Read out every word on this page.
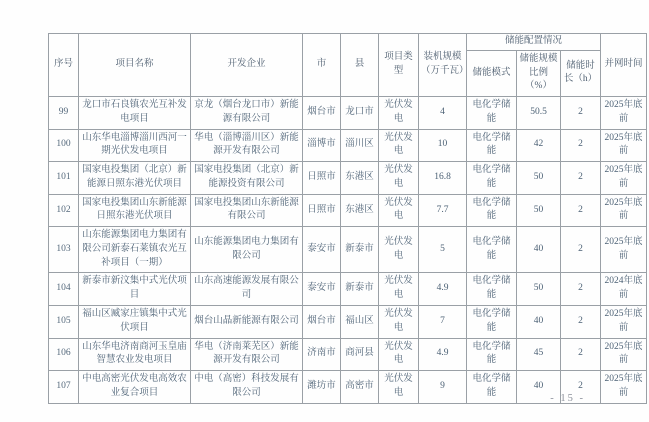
序号	项目名称	开发企业	市	县	项目类型	装机规模（万千瓦）	储能配置情况			并网时间
							储能模式	储能规模比例（%）	储能时长（h）	
99	龙口市石良镇农光互补发电项目	京龙（烟台龙口市）新能源有限公司	烟台市	龙口市	光伏发电	4	电化学储能	50.5	2	2025年底前
100	山东华电淄博淄川西河一期光伏发电项目	华电（淄博淄川区）新能源开发有限公司	淄博市	淄川区	光伏发电	10	电化学储能	42	2	2025年底前
101	国家电投集团（北京）新能源日照东港光伏项目	国家电投集团（北京）新能源投资有限公司	日照市	东港区	光伏发电	16.8	电化学储能	50	2	2025年底前
102	国家电投集团山东新能源日照东港光伏项目	国家电投集团山东新能源有限公司	日照市	东港区	光伏发电	7.7	电化学储能	50	2	2025年底前
103	山东能源集团电力集团有限公司新泰石莱镇农光互补项目（一期）	山东能源集团电力集团有限公司	泰安市	新泰市	光伏发电	5	电化学储能	40	2	2025年底前
104	新泰市新汶集中式光伏项目	山东高速能源发展有限公司	泰安市	新泰市	光伏发电	4.9	电化学储能	50	2	2024年底前
105	福山区臧家庄镇集中式光伏项目	烟台山晶新能源有限公司	烟台市	福山区	光伏发电	7	电化学储能	40	2	2025年底前
106	山东华电济南商河玉皇庙智慧农业发电项目	华电（济南莱芜区）新能源开发有限公司	济南市	商河县	光伏发电	4.9	电化学储能	45	2	2025年底前
107	中电高密光伏发电高效农业复合项目	中电（高密）科技发展有限公司	潍坊市	高密市	光伏发电	9	电化学储能	40	2	2025年底前
- 15 -
